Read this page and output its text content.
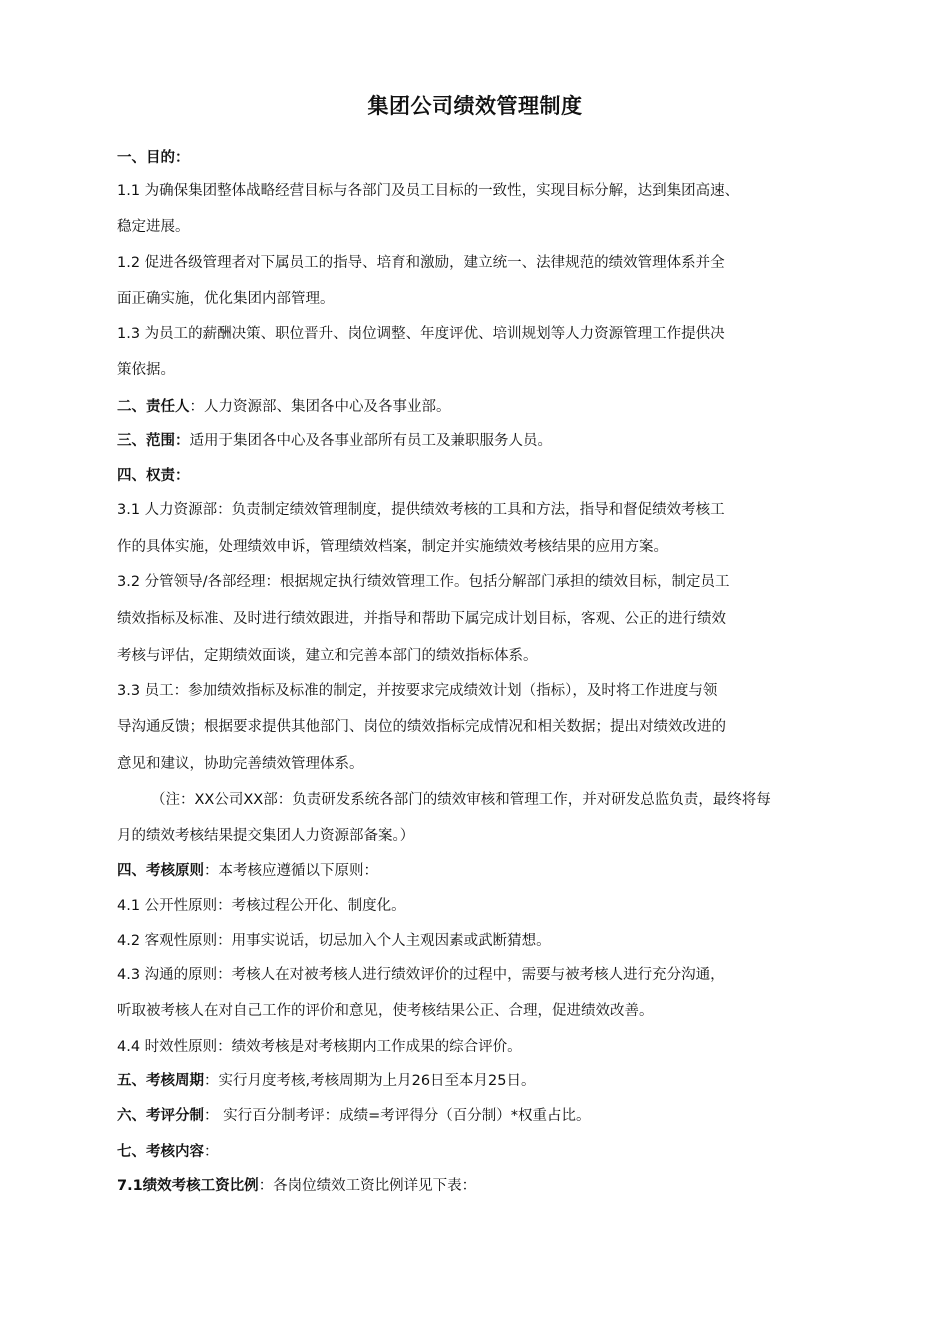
集团公司绩效管理制度
一、目的：
1.1 为确保集团整体战略经营目标与各部门及员工目标的一致性，实现目标分解，达到集团高速、
稳定进展。
1.2 促进各级管理者对下属员工的指导、培育和激励，建立统一、法律规范的绩效管理体系并全
面正确实施，优化集团内部管理。
1.3 为员工的薪酬决策、职位晋升、岗位调整、年度评优、培训规划等人力资源管理工作提供决
策依据。
二、责任人：人力资源部、集团各中心及各事业部。
三、范围：适用于集团各中心及各事业部所有员工及兼职服务人员。
四、权责：
3.1 人力资源部：负责制定绩效管理制度，提供绩效考核的工具和方法，指导和督促绩效考核工
作的具体实施，处理绩效申诉，管理绩效档案，制定并实施绩效考核结果的应用方案。
3.2 分管领导/各部经理：根据规定执行绩效管理工作。包括分解部门承担的绩效目标，制定员工
绩效指标及标准、及时进行绩效跟进，并指导和帮助下属完成计划目标，客观、公正的进行绩效
考核与评估，定期绩效面谈，建立和完善本部门的绩效指标体系。
3.3 员工：参加绩效指标及标准的制定，并按要求完成绩效计划（指标），及时将工作进度与领
导沟通反馈；根据要求提供其他部门、岗位的绩效指标完成情况和相关数据；提出对绩效改进的
意见和建议，协助完善绩效管理体系。
（注：XX公司XX部：负责研发系统各部门的绩效审核和管理工作，并对研发总监负责，最终将每
月的绩效考核结果提交集团人力资源部备案。）
四、考核原则：本考核应遵循以下原则：
4.1 公开性原则：考核过程公开化、制度化。
4.2 客观性原则：用事实说话，切忌加入个人主观因素或武断猜想。
4.3 沟通的原则：考核人在对被考核人进行绩效评价的过程中，需要与被考核人进行充分沟通，
听取被考核人在对自己工作的评价和意见，使考核结果公正、合理，促进绩效改善。
4.4 时效性原则：绩效考核是对考核期内工作成果的综合评价。
五、考核周期：实行月度考核,考核周期为上月26日至本月25日。
六、考评分制： 实行百分制考评：成绩=考评得分（百分制）*权重占比。
七、考核内容：
7.1绩效考核工资比例：各岗位绩效工资比例详见下表：
